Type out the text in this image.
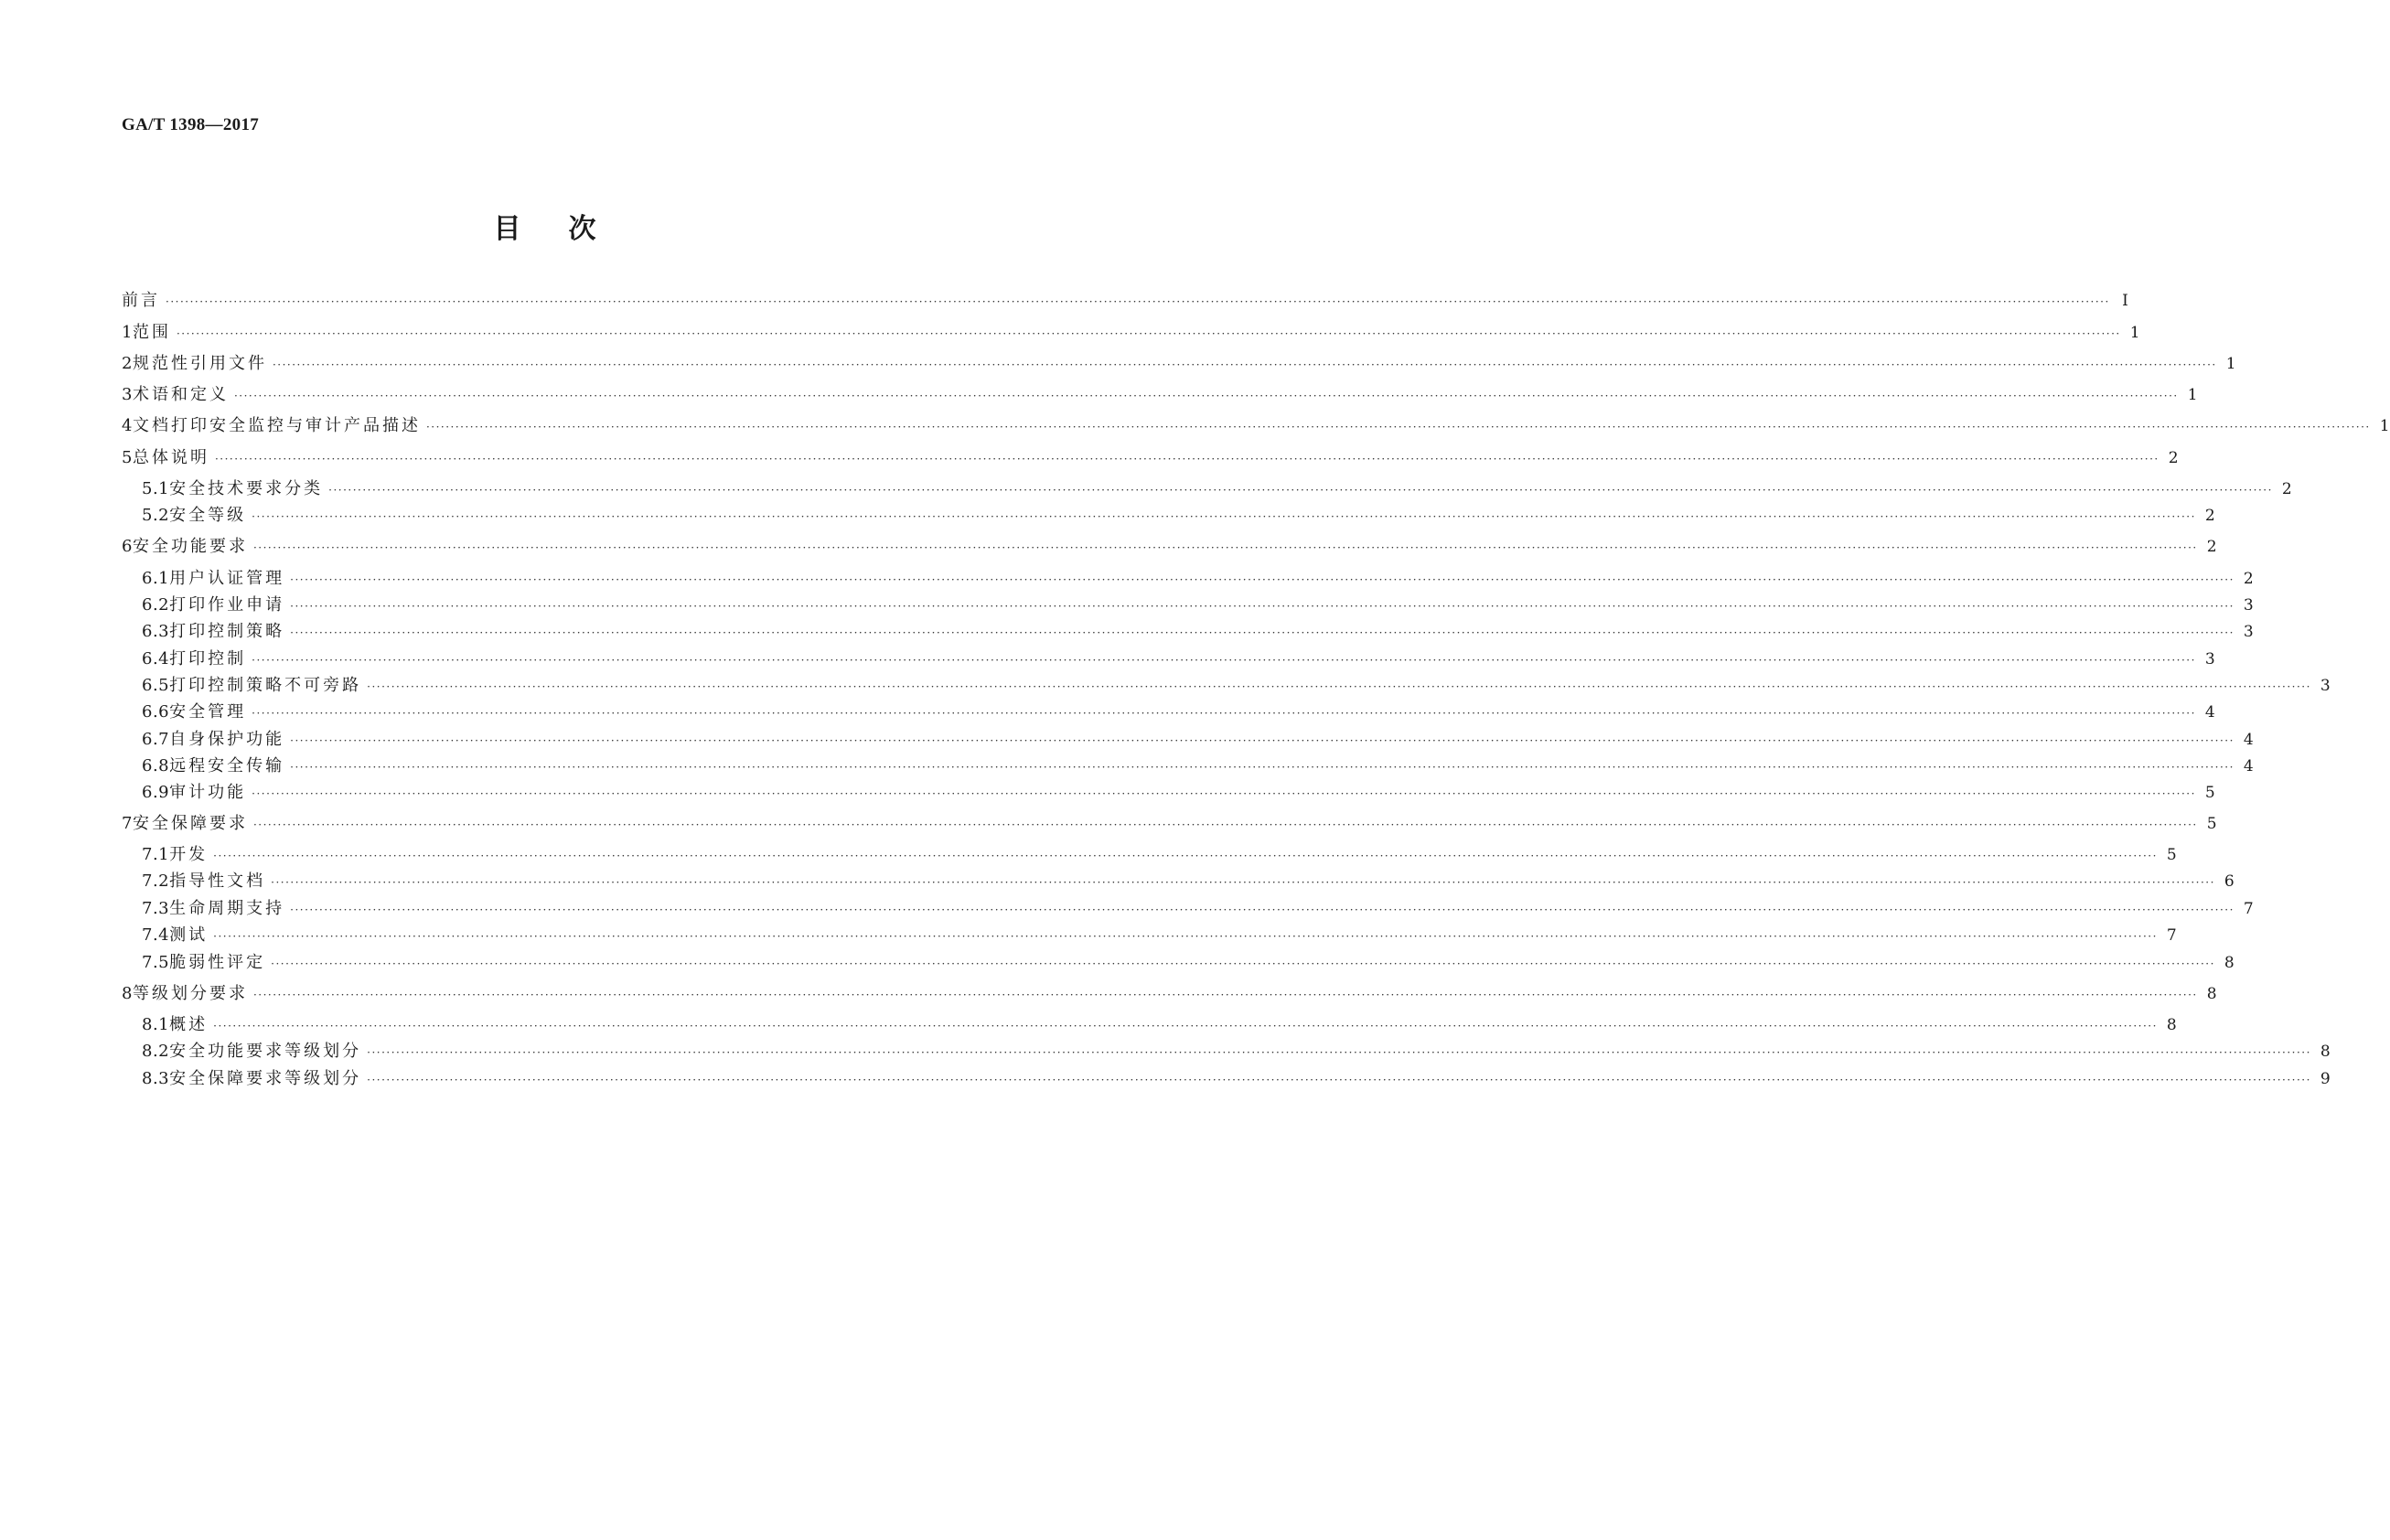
GA/T 1398—2017
目次
前言 ················································································································································································································································································································································································································ Ⅰ
1 范围 ················································································································································································································································································································································································································ 1
2 规范性引用文件 ················································································································································································································································································································································································································ 1
3 术语和定义 ················································································································································································································································································································································································································ 1
4 文档打印安全监控与审计产品描述 ················································································································································································································································································································································································································ 1
5 总体说明 ················································································································································································································································································································································································································ 2
5.1 安全技术要求分类 ················································································································································································································································································································································································································ 2
5.2 安全等级 ················································································································································································································································································································································································································ 2
6 安全功能要求 ················································································································································································································································································································································································································ 2
6.1 用户认证管理 ················································································································································································································································································································································································································ 2
6.2 打印作业申请 ················································································································································································································································································································································································································ 3
6.3 打印控制策略 ················································································································································································································································································································································································································ 3
6.4 打印控制 ················································································································································································································································································································································································································ 3
6.5 打印控制策略不可旁路 ················································································································································································································································································································································································································ 3
6.6 安全管理 ················································································································································································································································································································································································································ 4
6.7 自身保护功能 ················································································································································································································································································································································································································ 4
6.8 远程安全传输 ················································································································································································································································································································································································································ 4
6.9 审计功能 ················································································································································································································································································································································································································ 5
7 安全保障要求 ················································································································································································································································································································································································································ 5
7.1 开发 ················································································································································································································································································································································································································ 5
7.2 指导性文档 ················································································································································································································································································································································································································ 6
7.3 生命周期支持 ················································································································································································································································································································································································································ 7
7.4 测试 ················································································································································································································································································································································································································ 7
7.5 脆弱性评定 ················································································································································································································································································································································································································ 8
8 等级划分要求 ················································································································································································································································································································································································································ 8
8.1 概述 ················································································································································································································································································································································································································ 8
8.2 安全功能要求等级划分 ················································································································································································································································································································································································································ 8
8.3 安全保障要求等级划分 ················································································································································································································································································································································································································ 9
